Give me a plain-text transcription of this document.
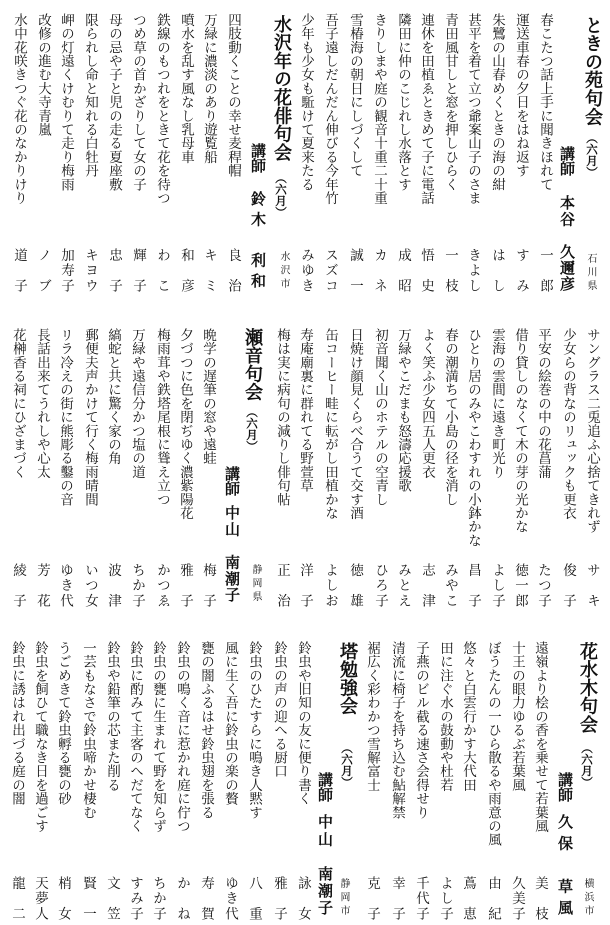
ときの苑句会
（六月）
講師
本谷　久邇彦 石川県
春こたつ話上手に聞きほれて
一郎
運送車春の夕日をはね返す
すみ
朱鷺の山春めくときの海の紺
はし
甚平を着て立つ爺案山子のさま
きよし
青田風甘しと窓を押しひらく
一枝
連休を田植ゑときめて子に電話
悟史
隣田に仲のこじれし水落とす
成昭
きりしまや庭の観音十重二十重
カネ
雪椿海の朝日にしづくして
誠一
吾子遠しだんだん伸びる今年竹
スズコ
少年も少女も駈けて夏来たる
みゆき
水沢年の花俳句会
（六月）
講師
鈴木　利和 水沢市
四肢動くことの幸せ麦稈帽
良治
万緑に濃淡のあり遊覧船
キミ
噴水を乱す風なし乳母車
和彦
鉄線のもつれをときて花を待つ
わこ
つめ草の首かざりして女の子
輝子
母の忌や子と児の走る夏座敷
忠子
限られし命と知れる白牡丹
キヨウ
岬の灯遠くけむりて走り梅雨
加寿子
改修の進む大寺青嵐
ノブ
水中花咲きつぐ花のなかりけり
道子
サングラス二兎追ふ心捨てきれず
サキ
少女らの背なのリュックも更衣
俊子
平安の絵巻の中の花菖蒲
たつ子
借り貸しのなくて木の芽の光かな
徳一郎
雲海の雲間に遠き町光り
よし子
ひとり居のみやこわすれの小鉢かな
昌子
春の潮満ちて小島の径を消し
みやこ
よく笑ふ少女四五人更衣
志津
万緑やこだまも怒濤応援歌
みとえ
初音聞く山のホテルの空青し
ひろ子
日焼け顔見くらべ合うて交す酒
徳雄
缶コーヒー畦に転がし田植かな
よしお
寿庵廟裏に群れてる野萱草
洋子
梅は実に病句の減りし俳句帖
正治
瀬音句会
（六月）
講師
中山　南潮子 静岡県
晩学の遅筆の窓や遠蛙
梅子
夕づつに色を閉ぢゆく濃紫陽花
雅子
梅雨茸や鉄塔尾根に聳え立つ
かつゑ
万緑や遠信分かつ塩の道
ちか子
縞蛇と共に驚く家の角
波津
郵便夫声かけて行く梅雨晴間
いつ女
リラ冷えの街に熊彫る鑿の音
ゆき代
長話出来てうれしや心太
芳花
花榊香る祠にひざまづく
綾子
花水木句会
（六月）
講師
久保　草風 横浜市
遠嶺より桧の香を乗せて若葉風
美枝
十王の眼力ゆるぶ若葉風
久美子
ぼうたんの一ひら散るや雨意の風
由紀
悠々と白雲行かす大代田
蔦恵
田に注ぐ水の鼓動や杜若
よし子
子燕のビル截る速さ会得せり
千代子
清流に椅子を持ち込む鮎解禁
幸子
裾広く彩わかつ雪解富士
克子
塔勉強会
（六月）
講師
中山　南潮子 静岡市
鈴虫や旧知の友に便り書く
詠女
鈴虫の声の迎へる厨口
雅子
鈴虫のひたすらに鳴き人黙す
八重
風に生く吾に鈴虫の楽の贅
ゆき代
甕の闇ふるはせ鈴虫翅を張る
寿賀
鈴虫の鳴く音に惹かれ庭に佇つ
かね
鈴虫の甕に生まれて野を知らず
ちか子
鈴虫に酌みて主客のへだてなく
すみ子
鈴虫や鉛筆の芯また削る
文笠
一芸もなさで鈴虫啼かせ棲む
賢一
うごめきて鈴虫孵る甕の砂
梢女
鈴虫を飼ひて職なき日を過ごす
天夢人
鈴虫に誘はれ出づる庭の闇
龍二
